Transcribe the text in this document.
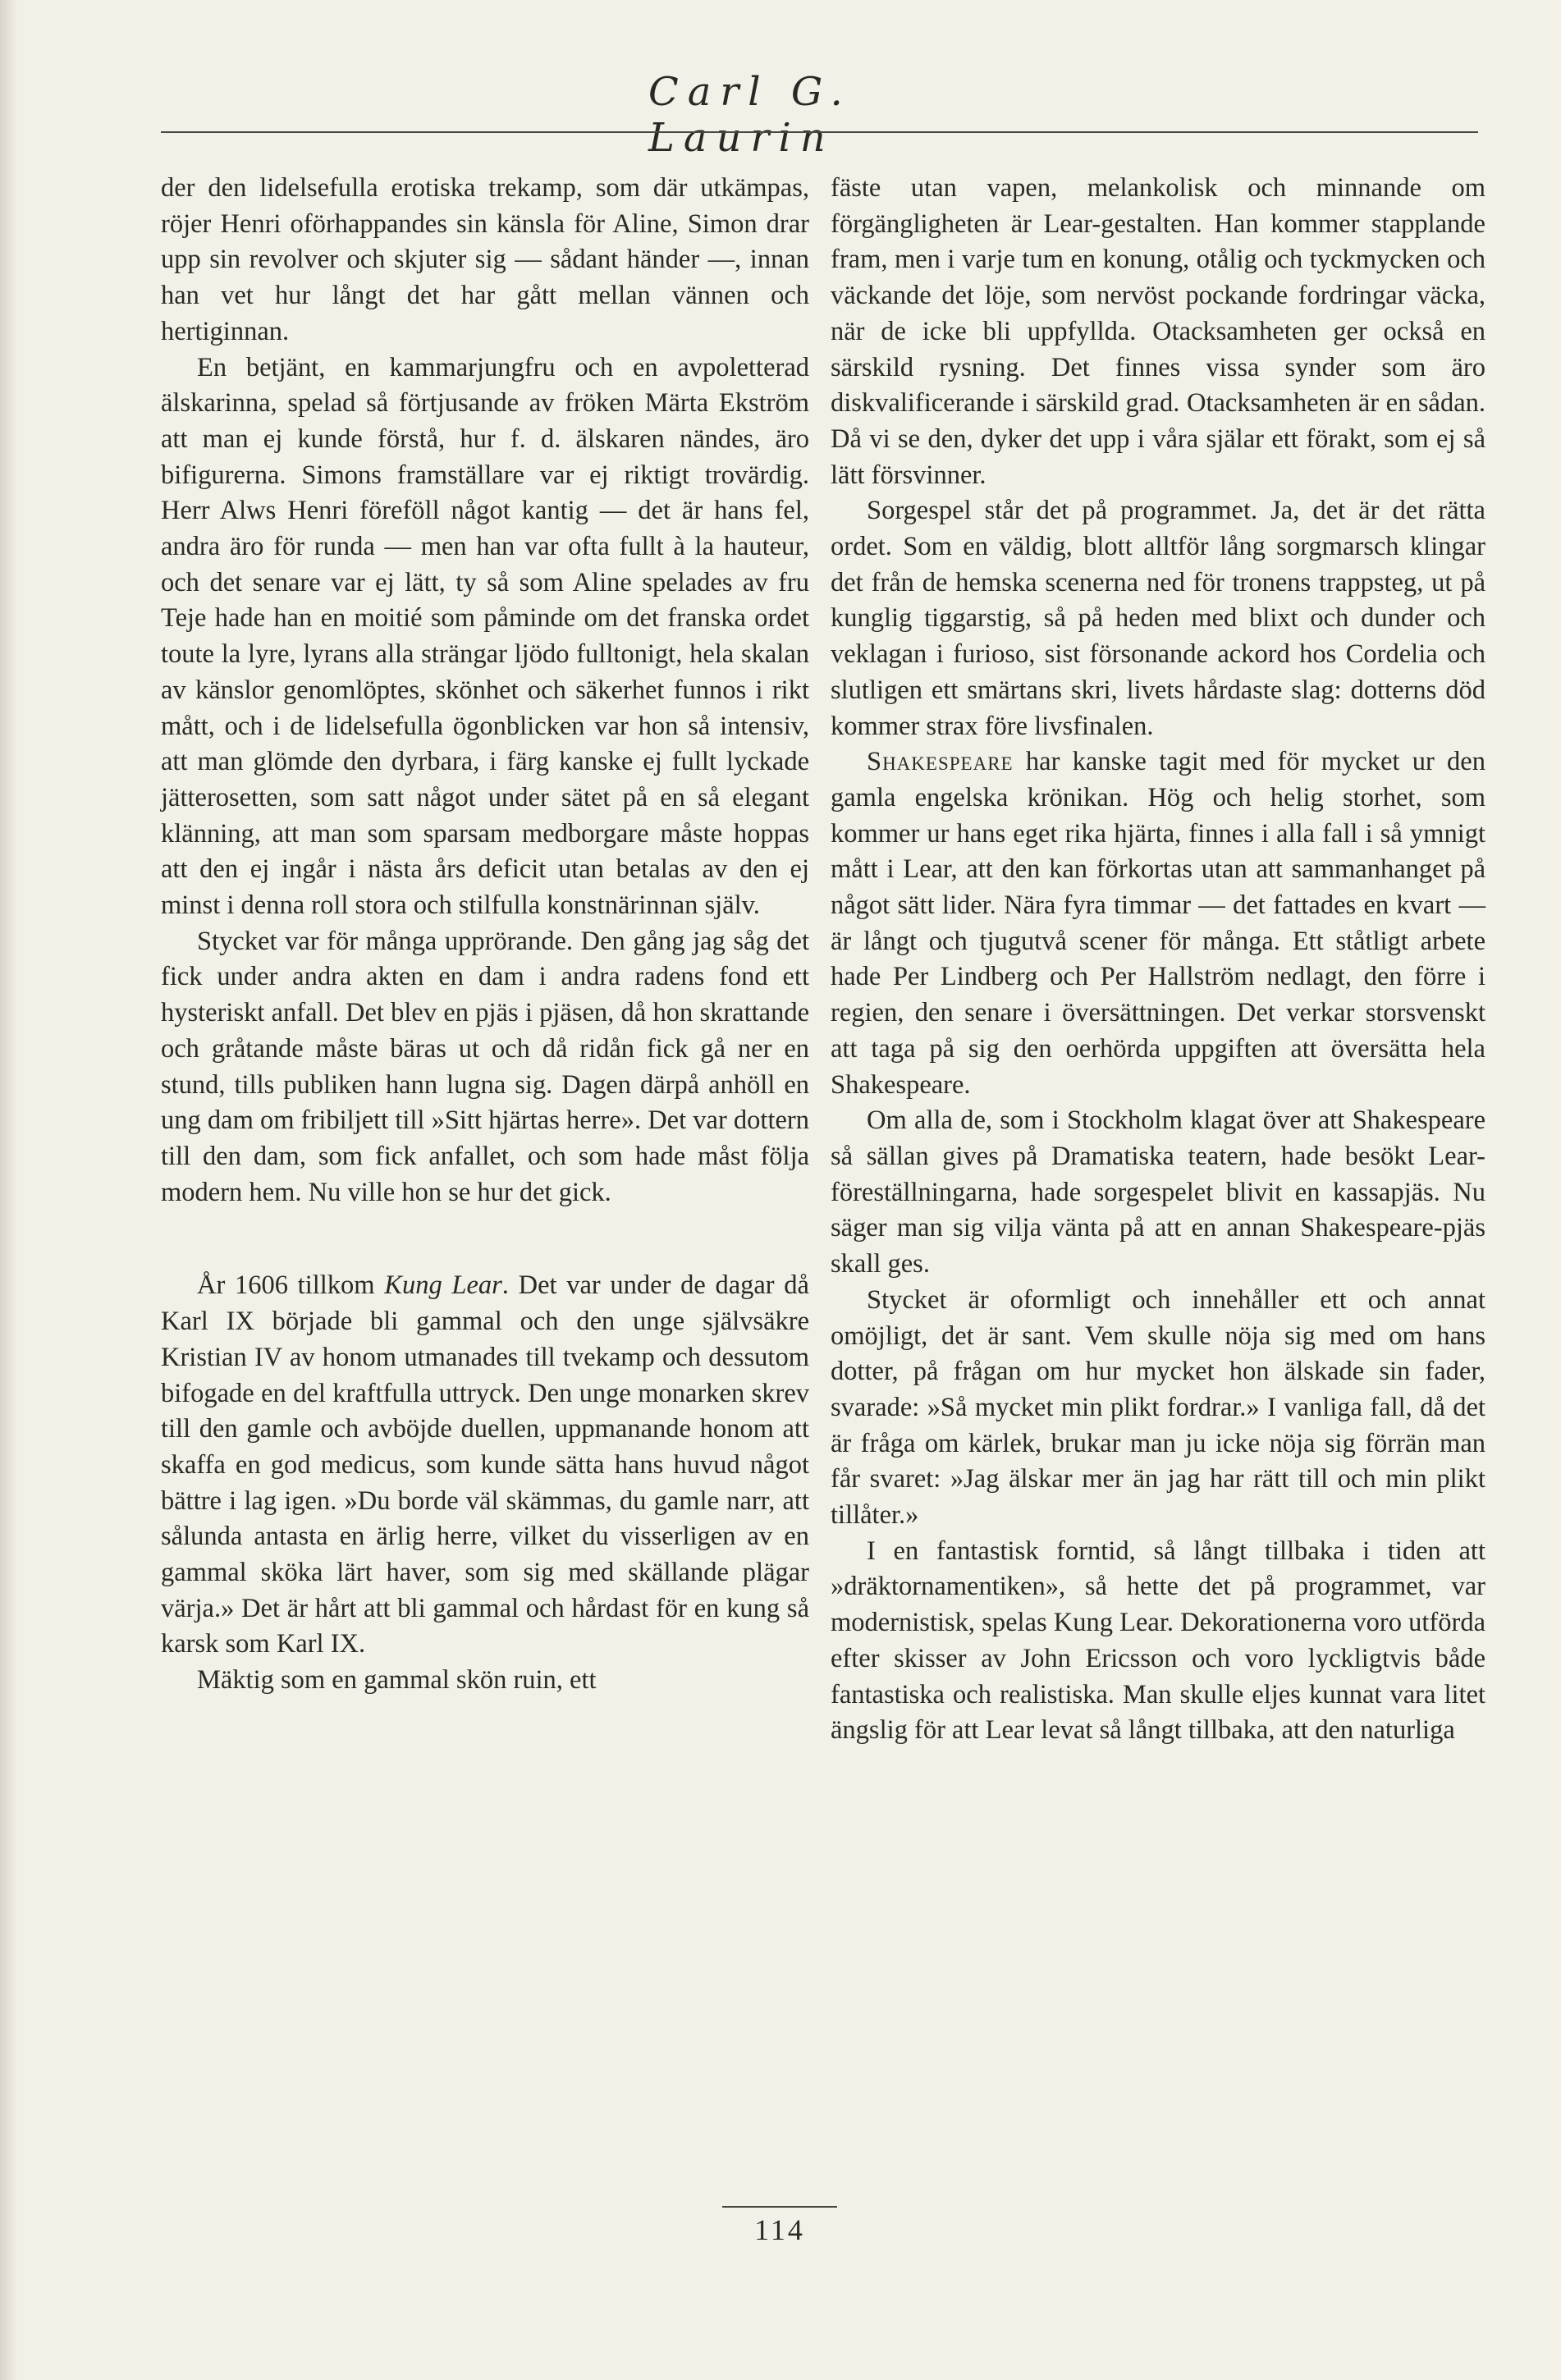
Carl G. Laurin

der den lidelsefulla erotiska trekamp, som där utkämpas, röjer Henri oförhappandes sin känsla för Aline, Simon drar upp sin revolver och skjuter sig — sådant händer —, innan han vet hur långt det har gått mellan vännen och hertiginnan.

En betjänt, en kammarjungfru och en avpoletterad älskarinna, spelad så förtjusande av fröken Märta Ekström att man ej kunde förstå, hur f. d. älskaren nändes, äro bifigurerna. Simons framställare var ej riktigt trovärdig. Herr Alws Henri föreföll något kantig — det är hans fel, andra äro för runda — men han var ofta fullt à la hauteur, och det senare var ej lätt, ty så som Aline spelades av fru Teje hade han en moitié som påminde om det franska ordet toute la lyre, lyrans alla strängar ljödo fulltonigt, hela skalan av känslor genomlöptes, skönhet och säkerhet funnos i rikt mått, och i de lidelsefulla ögonblicken var hon så intensiv, att man glömde den dyrbara, i färg kanske ej fullt lyckade jätterosetten, som satt något under sätet på en så elegant klänning, att man som sparsam medborgare måste hoppas att den ej ingår i nästa års deficit utan betalas av den ej minst i denna roll stora och stilfulla konstnärinnan själv.

Stycket var för många upprörande. Den gång jag såg det fick under andra akten en dam i andra radens fond ett hysteriskt anfall. Det blev en pjäs i pjäsen, då hon skrattande och gråtande måste bäras ut och då ridån fick gå ner en stund, tills publiken hann lugna sig. Dagen därpå anhöll en ung dam om fribiljett till »Sitt hjärtas herre». Det var dottern till den dam, som fick anfallet, och som hade måst följa modern hem. Nu ville hon se hur det gick.

År 1606 tillkom Kung Lear. Det var under de dagar då Karl IX började bli gammal och den unge självsäkre Kristian IV av honom utmanades till tvekamp och dessutom bifogade en del kraftfulla uttryck. Den unge monarken skrev till den gamle och avböjde duellen, uppmanande honom att skaffa en god medicus, som kunde sätta hans huvud något bättre i lag igen. »Du borde väl skämmas, du gamle narr, att sålunda antasta en ärlig herre, vilket du visserligen av en gammal sköka lärt haver, som sig med skällande plägar värja.» Det är hårt att bli gammal och hårdast för en kung så karsk som Karl IX.

Mäktig som en gammal skön ruin, ett

fäste utan vapen, melankolisk och minnande om förgängligheten är Lear-gestalten. Han kommer stapplande fram, men i varje tum en konung, otålig och tyckmycken och väckande det löje, som nervöst pockande fordringar väcka, när de icke bli uppfyllda. Otacksamheten ger också en särskild rysning. Det finnes vissa synder som äro diskvalificerande i särskild grad. Otacksamheten är en sådan. Då vi se den, dyker det upp i våra själar ett förakt, som ej så lätt försvinner.

Sorgespel står det på programmet. Ja, det är det rätta ordet. Som en väldig, blott alltför lång sorgmarsch klingar det från de hemska scenerna ned för tronens trappsteg, ut på kunglig tiggarstig, så på heden med blixt och dunder och veklagan i furioso, sist försonande ackord hos Cordelia och slutligen ett smärtans skri, livets hårdaste slag: dotterns död kommer strax före livsfinalen.

Shakespeare har kanske tagit med för mycket ur den gamla engelska krönikan. Hög och helig storhet, som kommer ur hans eget rika hjärta, finnes i alla fall i så ymnigt mått i Lear, att den kan förkortas utan att sammanhanget på något sätt lider. Nära fyra timmar — det fattades en kvart — är långt och tjugutvå scener för många. Ett ståtligt arbete hade Per Lindberg och Per Hallström nedlagt, den förre i regien, den senare i översättningen. Det verkar storsvenskt att taga på sig den oerhörda uppgiften att översätta hela Shakespeare.

Om alla de, som i Stockholm klagat över att Shakespeare så sällan gives på Dramatiska teatern, hade besökt Lear-föreställningarna, hade sorgespelet blivit en kassapjäs. Nu säger man sig vilja vänta på att en annan Shakespeare-pjäs skall ges.

Stycket är oformligt och innehåller ett och annat omöjligt, det är sant. Vem skulle nöja sig med om hans dotter, på frågan om hur mycket hon älskade sin fader, svarade: »Så mycket min plikt fordrar.» I vanliga fall, då det är fråga om kärlek, brukar man ju icke nöja sig förrän man får svaret: »Jag älskar mer än jag har rätt till och min plikt tillåter.»

I en fantastisk forntid, så långt tillbaka i tiden att »dräktornamentiken», så hette det på programmet, var modernistisk, spelas Kung Lear. Dekorationerna voro utförda efter skisser av John Ericsson och voro lyckligtvis både fantastiska och realistiska. Man skulle eljes kunnat vara litet ängslig för att Lear levat så långt tillbaka, att den naturliga

114
